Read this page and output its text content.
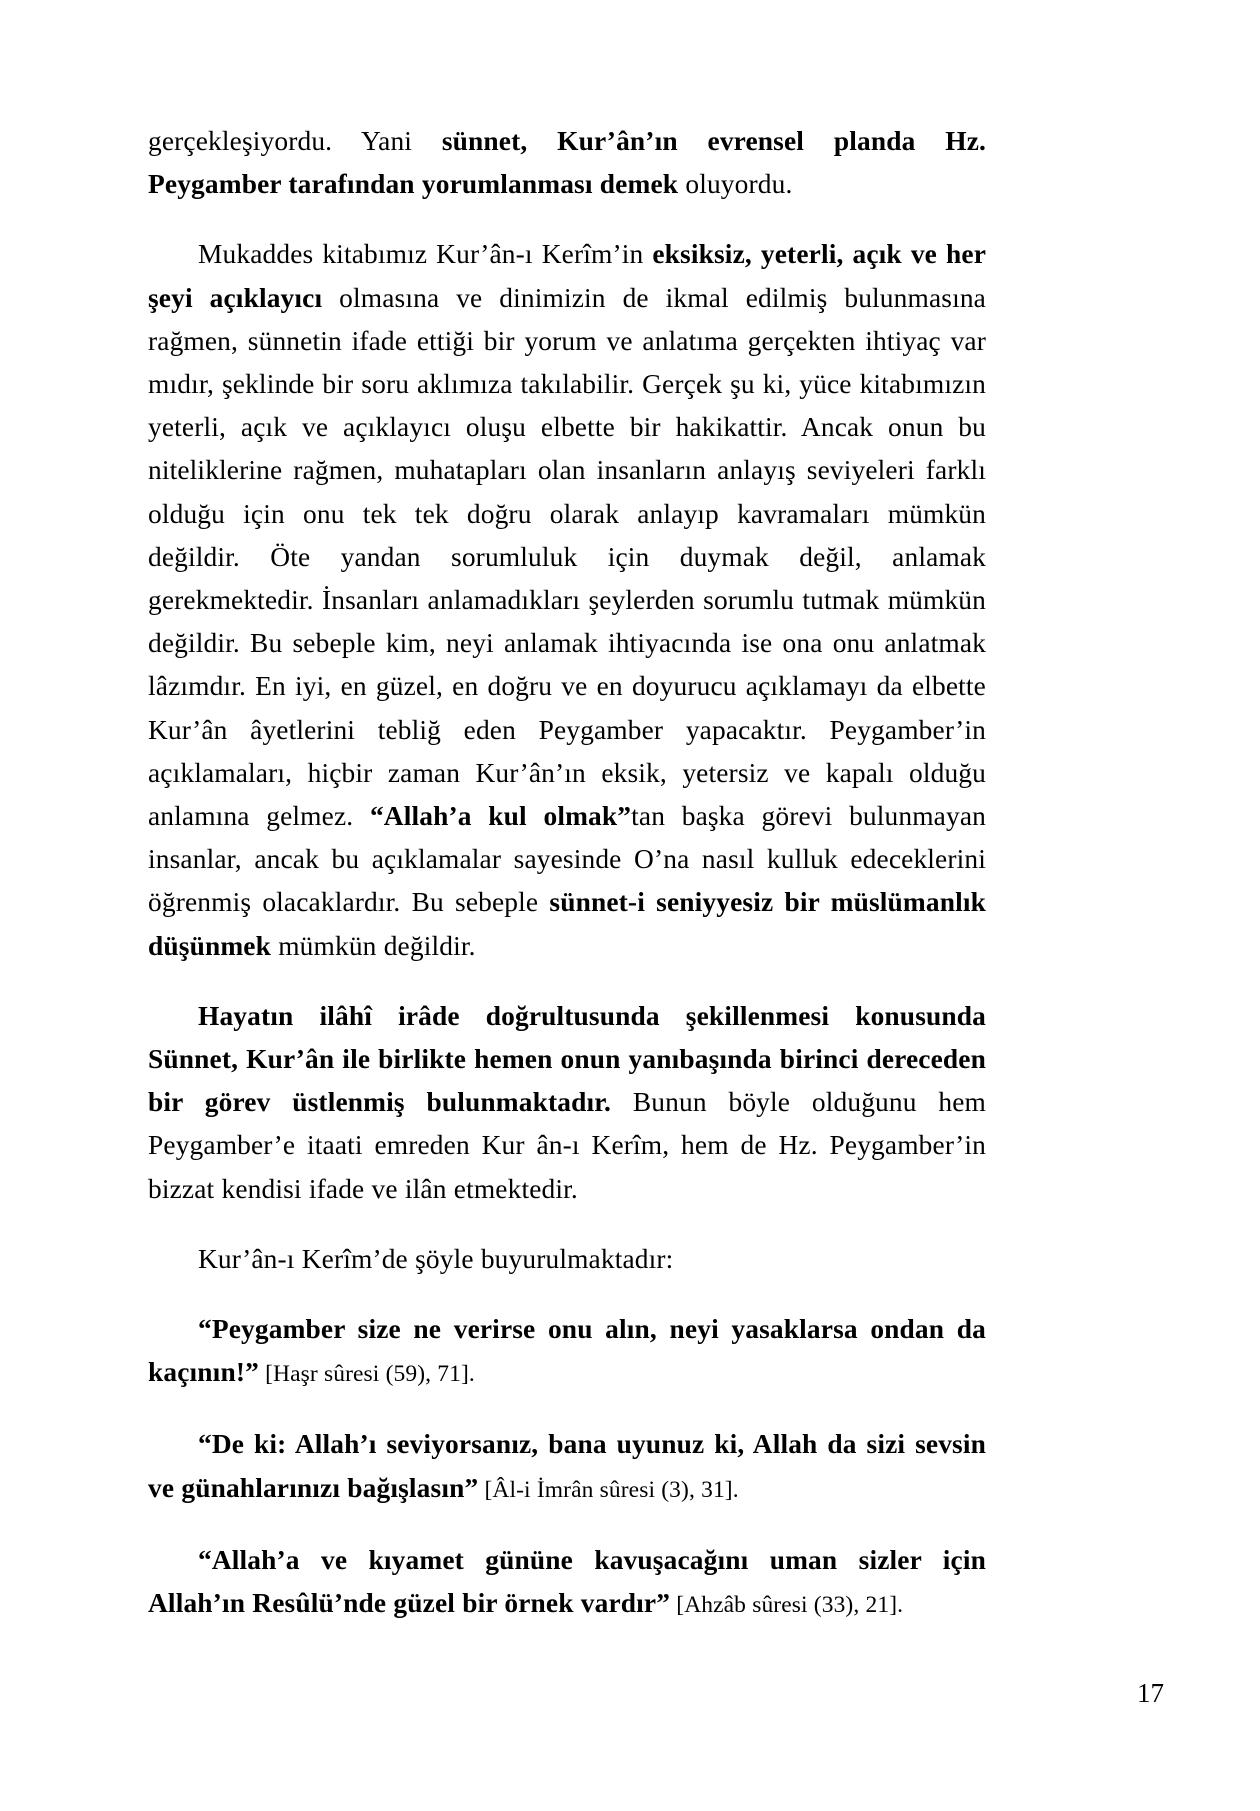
gerçekleşiyordu. Yani sünnet, Kur’ân’ın evrensel planda Hz. Peygamber tarafından yorumlanması demek oluyordu.

Mukaddes kitabımız Kur’ân-ı Kerîm’in eksiksiz, yeterli, açık ve her şeyi açıklayıcı olmasına ve dinimizin de ikmal edilmiş bulunmasına rağmen, sünnetin ifade ettiği bir yorum ve anlatıma gerçekten ihtiyaç var mıdır, şeklinde bir soru aklımıza takılabilir. Gerçek şu ki, yüce kitabımızın yeterli, açık ve açıklayıcı oluşu elbette bir hakikattir. Ancak onun bu niteliklerine rağmen, muhatapları olan insanların anlayış seviyeleri farklı olduğu için onu tek tek doğru olarak anlayıp kavramaları mümkün değildir. Öte yandan sorumluluk için duymak değil, anlamak gerekmektedir. İnsanları anlamadıkları şeylerden sorumlu tutmak mümkün değildir. Bu sebeple kim, neyi anlamak ihtiyacında ise ona onu anlatmak lâzımdır. En iyi, en güzel, en doğru ve en doyurucu açıklamayı da elbette Kur’ân âyetlerini tebliğ eden Peygamber yapacaktır. Peygamber’in açıklamaları, hiçbir zaman Kur’ân’ın eksik, yetersiz ve kapalı olduğu anlamına gelmez. “Allah’a kul olmak”tan başka görevi bulunmayan insanlar, ancak bu açıklamalar sayesinde O’na nasıl kulluk edeceklerini öğrenmiş olacaklardır. Bu sebeple sünnet-i seniyyesiz bir müslümanlık düşünmek mümkün değildir.

Hayatın ilâhî irâde doğrultusunda şekillenmesi konusunda Sünnet, Kur’ân ile birlikte hemen onun yanıbaşında birinci dereceden bir görev üstlenmiş bulunmaktadır. Bunun böyle olduğunu hem Peygamber’e itaati emreden Kur ân-ı Kerîm, hem de Hz. Peygamber’in bizzat kendisi ifade ve ilân etmektedir.

Kur’ân-ı Kerîm’de şöyle buyurulmaktadır:

“Peygamber size ne verirse onu alın, neyi yasaklarsa ondan da kaçının!” [Haşr sûresi (59), 71].

“De ki: Allah’ı seviyorsanız, bana uyunuz ki, Allah da sizi sevsin ve günahlarınızı bağışlasın” [Âl-i İmrân sûresi (3), 31].

“Allah’a ve kıyamet gününe kavuşacağını uman sizler için Allah’ın Resûlü’nde güzel bir örnek vardır” [Ahzâb sûresi (33), 21].

17
